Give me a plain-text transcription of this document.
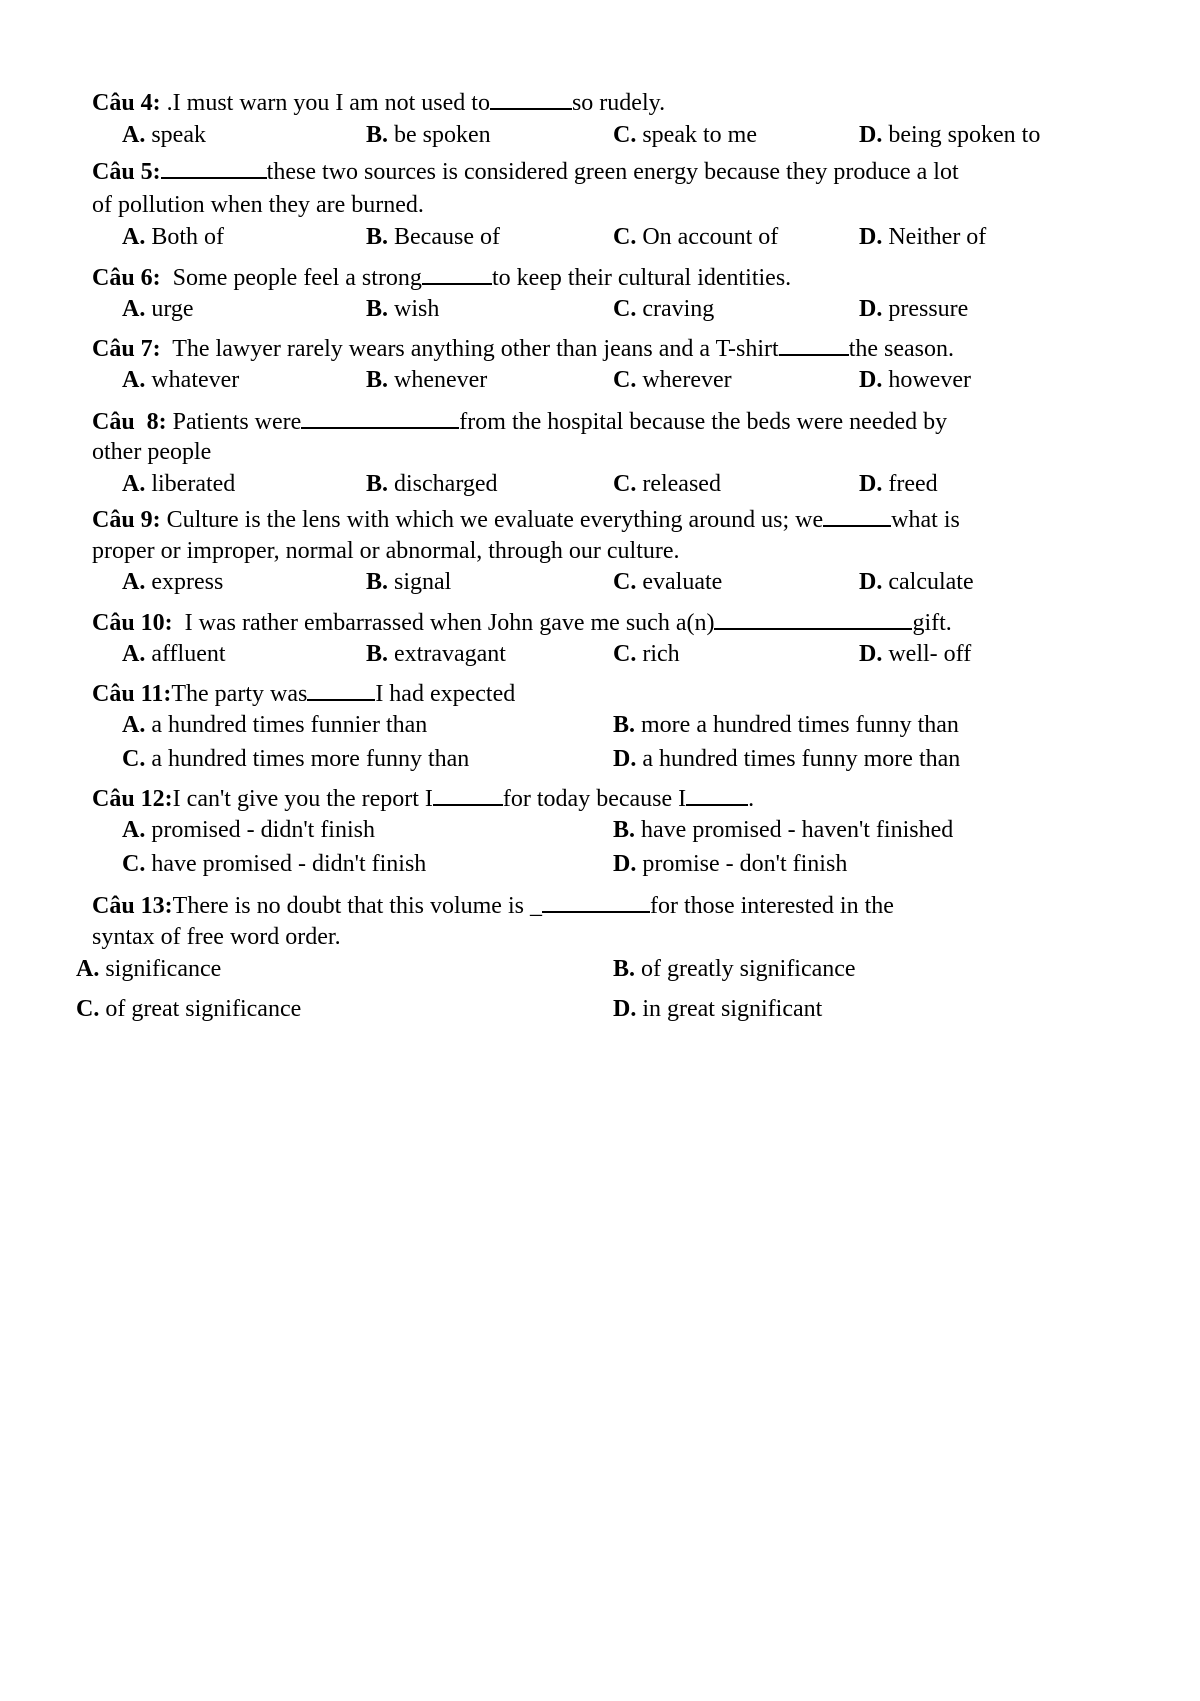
Câu 4: .I must warn you I am not used to	so rudely.
A. speak	B. be spoken	C. speak to me	D. being spoken to
Câu 5:	these two sources is considered green energy because they produce a lot
of pollution when they are burned.
A. Both of	B. Because of	C. On account of	D. Neither of
Câu 6:  Some people feel a strong	to keep their cultural identities.
A. urge	B. wish	C. craving	D. pressure
Câu 7:  The lawyer rarely wears anything other than jeans and a T-shirt	the season.
A. whatever	B. whenever	C. wherever	D. however
Câu  8: Patients were	from the hospital because the beds were needed by
other people
A. liberated	B. discharged	C. released	D. freed
Câu 9: Culture is the lens with which we evaluate everything around us; we	what is
proper or improper, normal or abnormal, through our culture.
A. express	B. signal	C. evaluate	D. calculate
Câu 10:  I was rather embarrassed when John gave me such a(n)	gift.
A. affluent	B. extravagant	C. rich	D. well- off
Câu 11:The party was	I had expected
A. a hundred times funnier than	B. more a hundred times funny than
C. a hundred times more funny than	D. a hundred times funny more than
Câu 12:I can't give you the report I	for today because I	.
A. promised - didn't finish	B. have promised - haven't finished
C. have promised - didn't finish	D. promise - don't finish
Câu 13:There is no doubt that this volume is _	for those interested in the
syntax of free word order.
A. significance	B. of greatly significance
C. of great significance	D. in great significant
